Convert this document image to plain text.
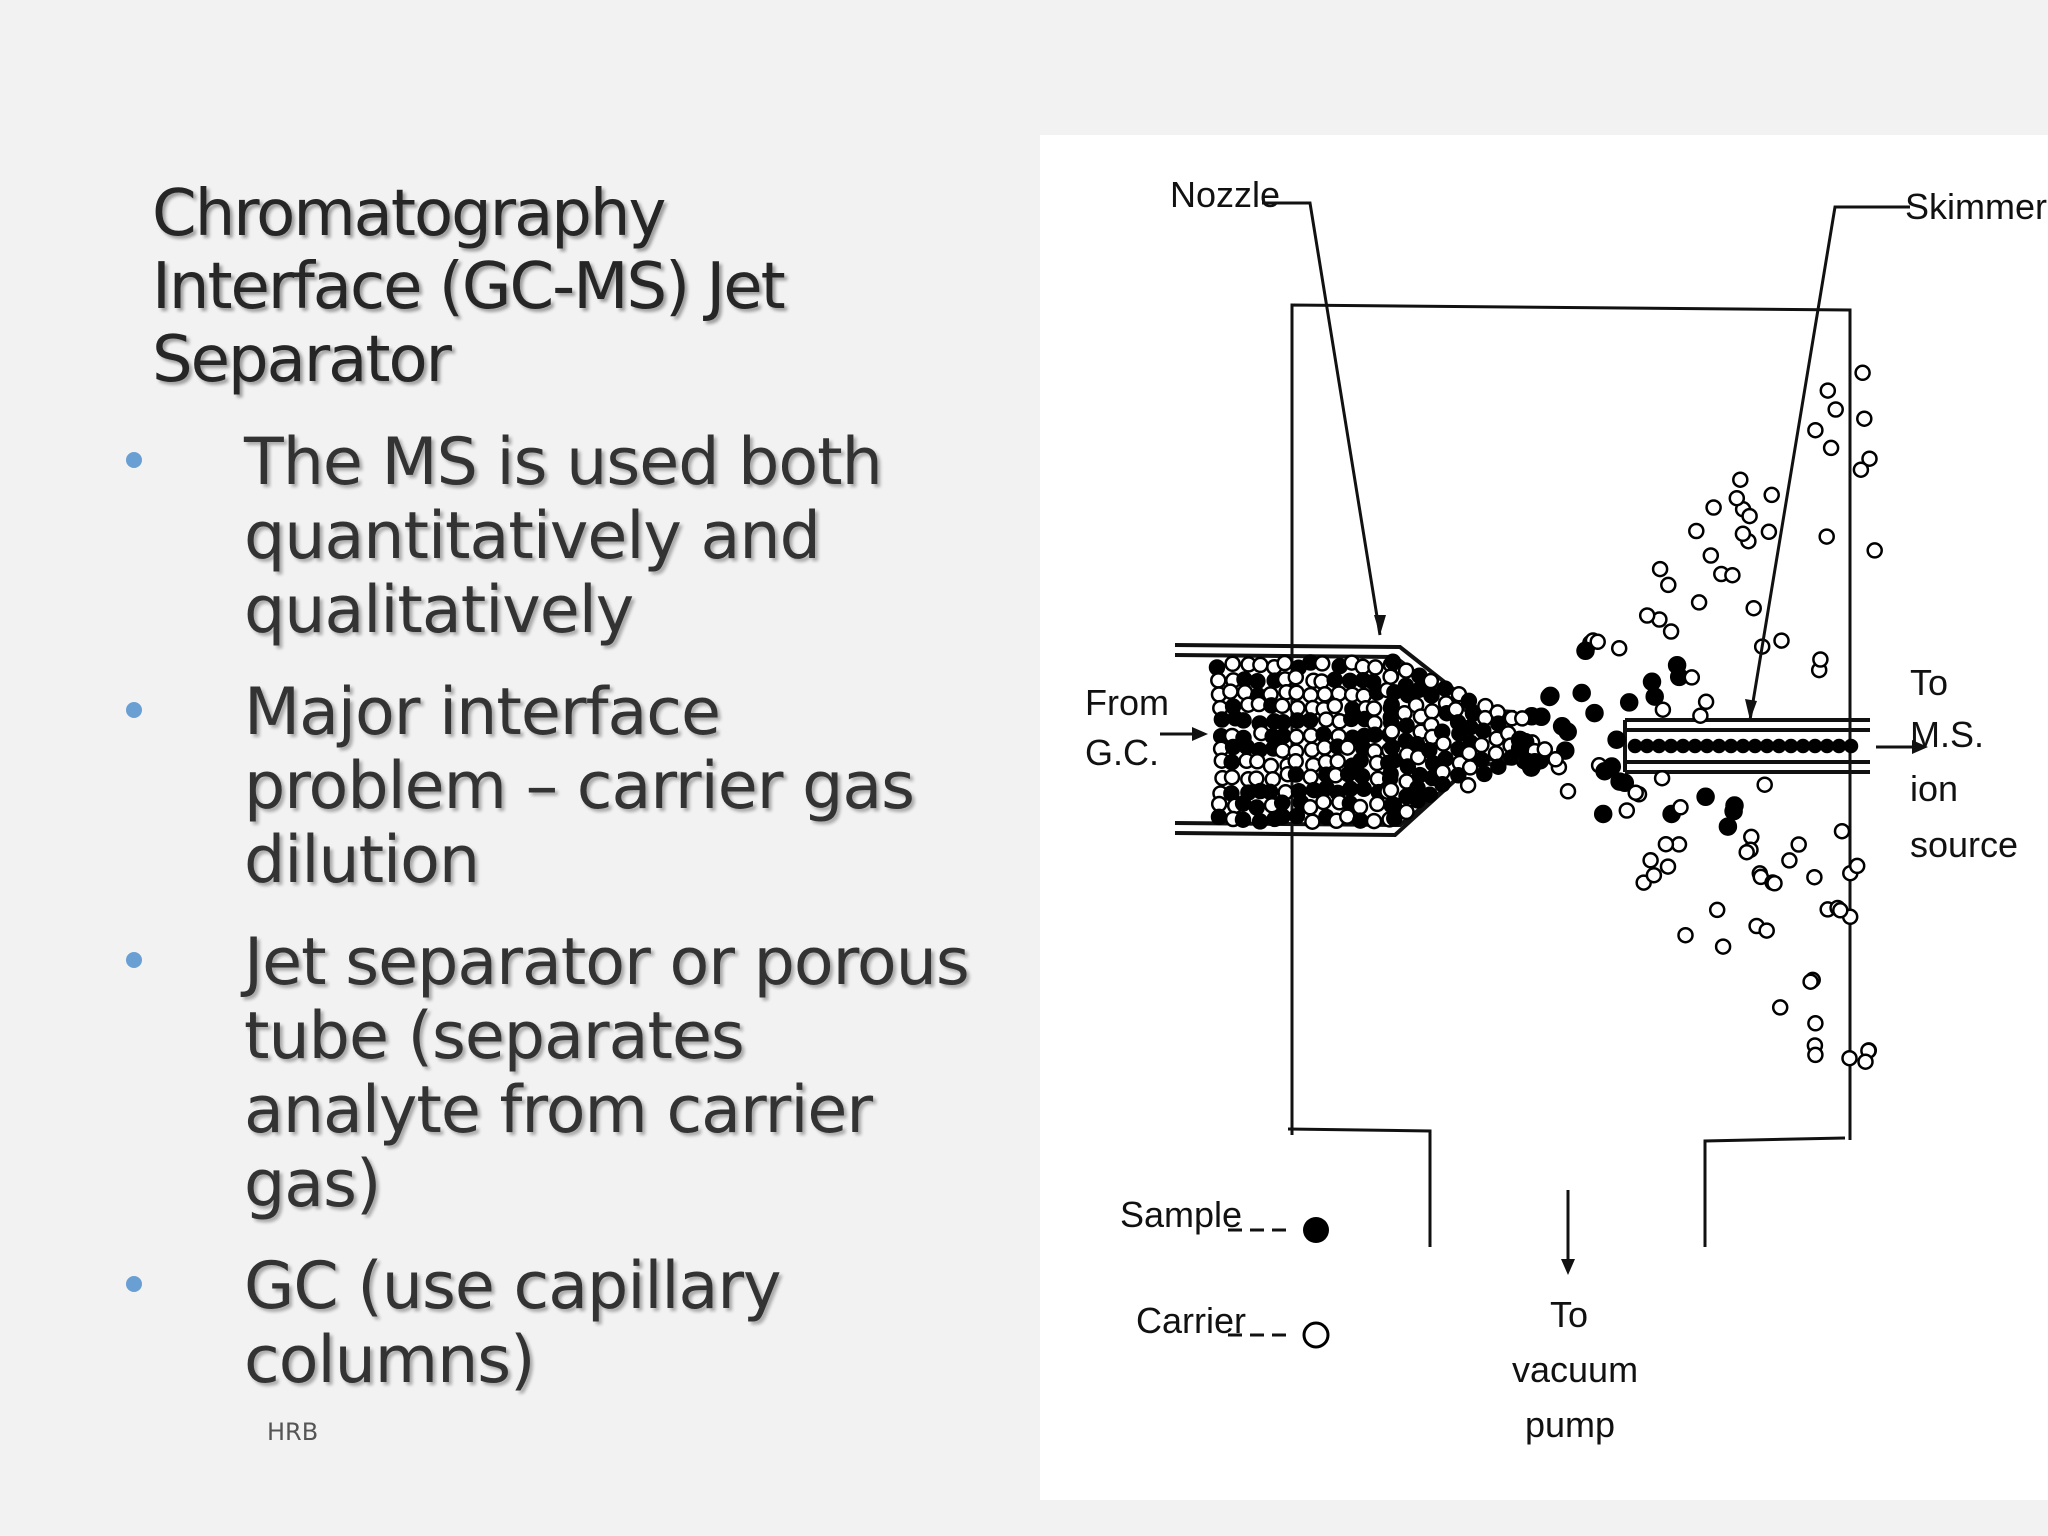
Chromatography Interface (GC-MS) Jet Separator
The MS is used both quantitatively and qualitatively
Major interface problem – carrier gas dilution
Jet separator or porous tube (separates analyte from carrier gas)
GC (use capillary columns)
HRB
Nozzle	Skimmer
From
G.C.
To
M.S.
ion
source
Sample
Carrier	To
vacuum
pump
